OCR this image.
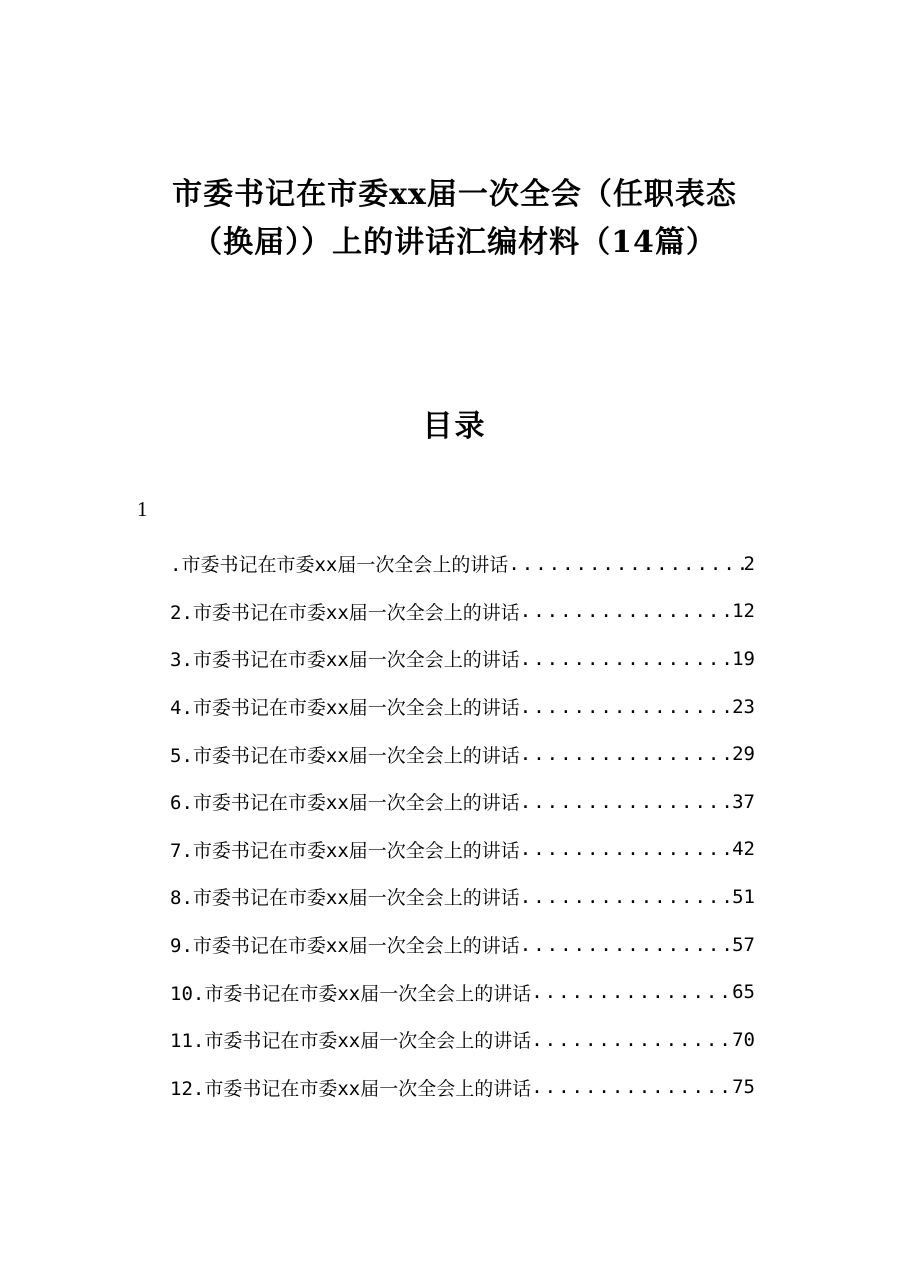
市委书记在市委xx届一次全会（任职表态
（换届））上的讲话汇编材料（14篇）
目录
1
.市委书记在市委xx届一次全会上的讲话 .....	2
2.市委书记在市委xx届一次全会上的讲话 .....	12
3.市委书记在市委xx届一次全会上的讲话 .....	19
4.市委书记在市委xx届一次全会上的讲话 .....	23
5.市委书记在市委xx届一次全会上的讲话 .....	29
6.市委书记在市委xx届一次全会上的讲话 .....	37
7.市委书记在市委xx届一次全会上的讲话 .....	42
8.市委书记在市委xx届一次全会上的讲话 .....	51
9.市委书记在市委xx届一次全会上的讲话 .....	57
10.市委书记在市委xx届一次全会上的讲话 .....	65
11.市委书记在市委xx届一次全会上的讲话 .....	70
12.市委书记在市委xx届一次全会上的讲话 .....	75
